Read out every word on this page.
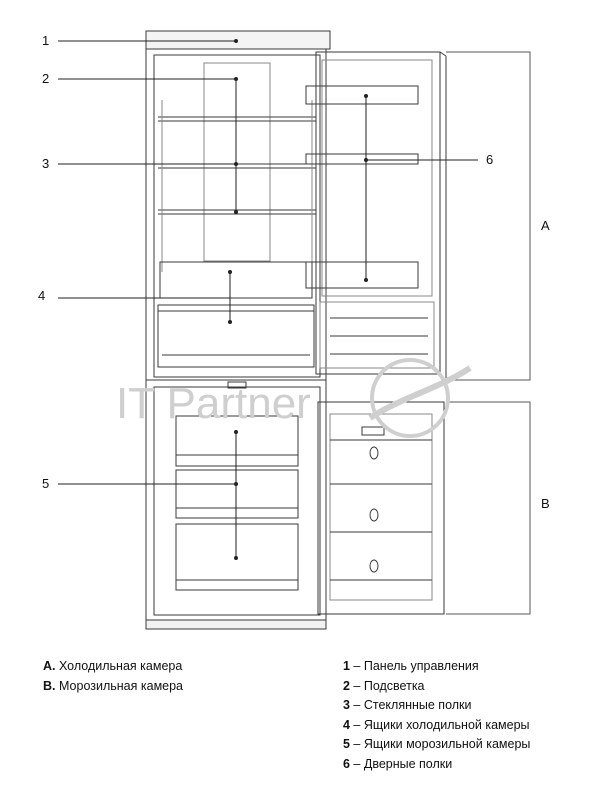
IT Partner
1
2
3
4
5
6
A
B
A. Холодильная камера
B. Морозильная камера
1 – Панель управления
2 – Подсветка
3 – Стеклянные полки
4 – Ящики холодильной камеры
5 – Ящики морозильной камеры
6 – Дверные полки
